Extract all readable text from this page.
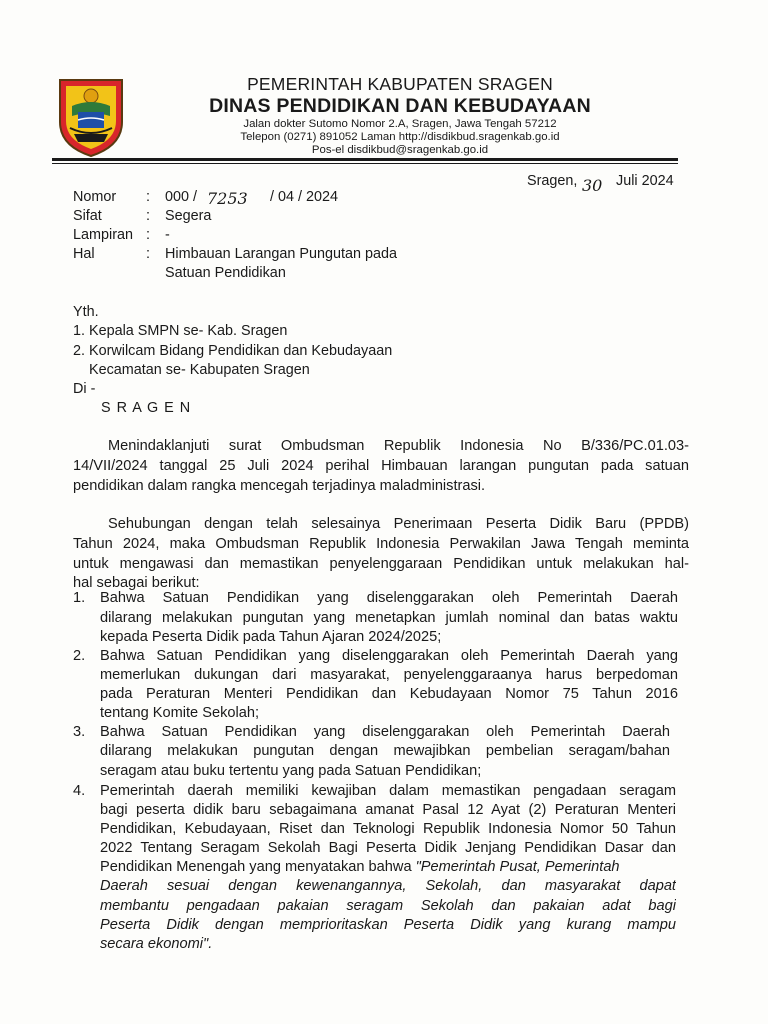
PEMERINTAH KABUPATEN SRAGEN
DINAS PENDIDIKAN DAN KEBUDAYAAN
Jalan dokter Sutomo Nomor 2.A, Sragen, Jawa Tengah 57212
Telepon (0271) 891052 Laman http://disdikbud.sragenkab.go.id
Pos-el disdikbud@sragenkab.go.id
Sragen, 30 Juli 2024
Nomor : 000 / 7253 / 04 / 2024
Sifat	: Segera
Lampiran : -
Hal	: Himbauan Larangan Pungutan pada
Satuan Pendidikan
Yth.
1. Kepala SMPN se- Kab. Sragen
2. Korwilcam Bidang Pendidikan dan Kebudayaan
Kecamatan se- Kabupaten Sragen
Di -
S R A G E N
Menindaklanjuti surat Ombudsman Republik Indonesia No B/336/PC.01.03-
14/VII/2024 tanggal 25 Juli 2024 perihal Himbauan larangan pungutan pada satuan
pendidikan dalam rangka mencegah terjadinya maladministrasi.
Sehubungan dengan telah selesainya Penerimaan Peserta Didik Baru (PPDB)
Tahun 2024, maka Ombudsman Republik Indonesia Perwakilan Jawa Tengah meminta
untuk mengawasi dan memastikan penyelenggaraan Pendidikan untuk melakukan hal-
hal sebagai berikut:
1. Bahwa Satuan Pendidikan yang diselenggarakan oleh Pemerintah Daerah
dilarang melakukan pungutan yang menetapkan jumlah nominal dan batas waktu
kepada Peserta Didik pada Tahun Ajaran 2024/2025;
2. Bahwa Satuan Pendidikan yang diselenggarakan oleh Pemerintah Daerah yang
memerlukan dukungan dari masyarakat, penyelenggaraanya harus berpedoman
pada Peraturan Menteri Pendidikan dan Kebudayaan Nomor 75 Tahun 2016
tentang Komite Sekolah;
3. Bahwa Satuan Pendidikan yang diselenggarakan oleh Pemerintah Daerah
dilarang melakukan pungutan dengan mewajibkan pembelian seragam/bahan
seragam atau buku tertentu yang pada Satuan Pendidikan;
4. Pemerintah daerah memiliki kewajiban dalam memastikan pengadaan seragam
bagi peserta didik baru sebagaimana amanat Pasal 12 Ayat (2) Peraturan Menteri
Pendidikan, Kebudayaan, Riset dan Teknologi Republik Indonesia Nomor 50 Tahun
2022 Tentang Seragam Sekolah Bagi Peserta Didik Jenjang Pendidikan Dasar dan
Pendidikan Menengah yang menyatakan bahwa "Pemerintah Pusat, Pemerintah
Daerah sesuai dengan kewenangannya, Sekolah, dan masyarakat dapat
membantu pengadaan pakaian seragam Sekolah dan pakaian adat bagi
Peserta Didik dengan memprioritaskan Peserta Didik yang kurang mampu
secara ekonomi".
